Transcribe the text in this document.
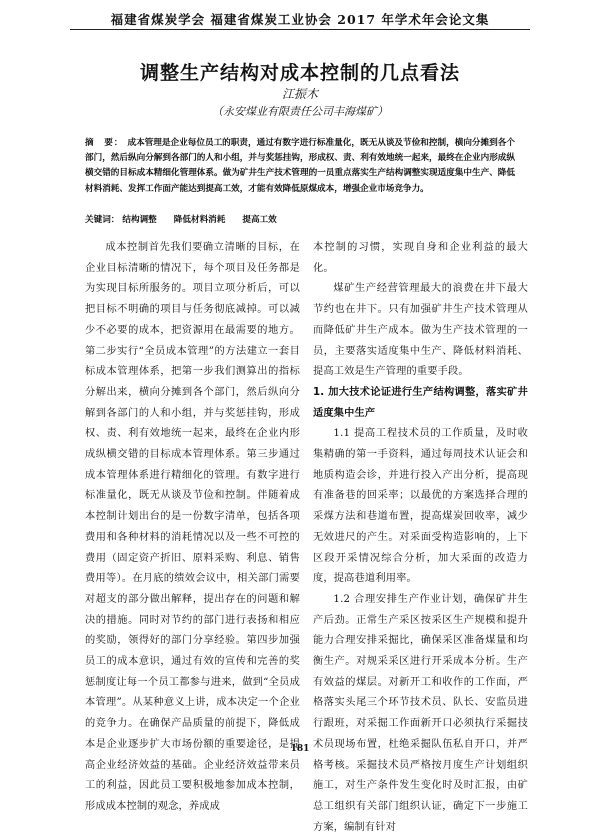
福建省煤炭学会 福建省煤炭工业协会 2017 年学术年会论文集
调整生产结构对成本控制的几点看法
江振木
（永安煤业有限责任公司丰海煤矿）
摘　要： 成本管理是企业每位员工的职责，通过有数字进行标准量化，既无从谈及节俭和控制，横向分摊到各个部门，然后纵向分解到各部门的人和小组，并与奖惩挂钩，形成权、责、利有效地统一起来，最终在企业内形成纵横交错的目标成本精细化管理体系。做为矿井生产技术管理的一员重点落实生产结构调整实现适度集中生产、降低材料消耗、发挥工作面产能达到提高工效，才能有效降低原煤成本，增强企业市场竞争力。
关键词： 结构调整 降低材料消耗 提高工效

成本控制首先我们要确立清晰的目标，在企业目标清晰的情况下，每个项目及任务都是为实现目标所服务的。项目立项分析后，可以把目标不明确的项目与任务彻底减掉。可以减少不必要的成本，把资源用在最需要的地方。第二步实行“全员成本管理”的方法建立一套目标成本管理体系，把第一步我们测算出的指标分解出来，横向分摊到各个部门，然后纵向分解到各部门的人和小组，并与奖惩挂钩，形成权、责、利有效地统一起来，最终在企业内形成纵横交错的目标成本管理体系。第三步通过成本管理体系进行精细化的管理。有数字进行标准量化，既无从谈及节俭和控制。伴随着成本控制计划出台的是一份数字清单，包括各项费用和各种材料的消耗情况以及一些不可控的费用（固定资产折旧、原料采购、利息、销售费用等）。在月底的绩效会议中，相关部门需要对超支的部分做出解释，提出存在的问题和解决的措施。同时对节约的部门进行表扬和相应的奖励，领得好的部门分享经验。第四步加强员工的成本意识，通过有效的宣传和完善的奖惩制度让每一个员工都参与进来，做到“全员成本管理”。从某种意义上讲，成本决定一个企业的竞争力。在确保产品质量的前提下，降低成本是企业逐步扩大市场份额的重要途径，是提高企业经济效益的基础。企业经济效益带来员工的利益，因此员工要积极地参加成本控制，形成成本控制的观念，养成成

本控制的习惯，实现自身和企业利益的最大化。

煤矿生产经营管理最大的浪费在井下最大节约也在井下。只有加强矿井生产技术管理从而降低矿井生产成本。做为生产技术管理的一员，主要落实适度集中生产、降低材料消耗、提高工效是生产管理的重要手段。

1. 加大技术论证进行生产结构调整，落实矿井适度集中生产

1.1 提高工程技术员的工作质量，及时收集精确的第一手资料，通过每周技术认证会和地质构造会诊，并进行投入产出分析，提高现有准备巷的回采率；以最优的方案选择合理的采煤方法和巷道布置，提高煤炭回收率，减少无效进尺的产生。对采面受构造影响的，上下区段开采情况综合分析，加大采面的改造力度，提高巷道利用率。

1.2 合理安排生产作业计划，确保矿井生产后劲。正常生产采区按采区生产规模和提升能力合理安排采掘比，确保采区准备煤量和均衡生产。对规采采区进行开采成本分析。生产有效益的煤层。对新开工和收作的工作面，严格落实头尾三个环节技术员、队长、安监员进行跟班，对采掘工作面新开口必须执行采掘技术员现场布置，杜绝采掘队伍私自开口，并严格考核。采掘技术员严格按月度生产计划组织施工，对生产条件发生变化时及时汇报，由矿总工组织有关部门组织认证，确定下一步施工方案，编制有针对

181
